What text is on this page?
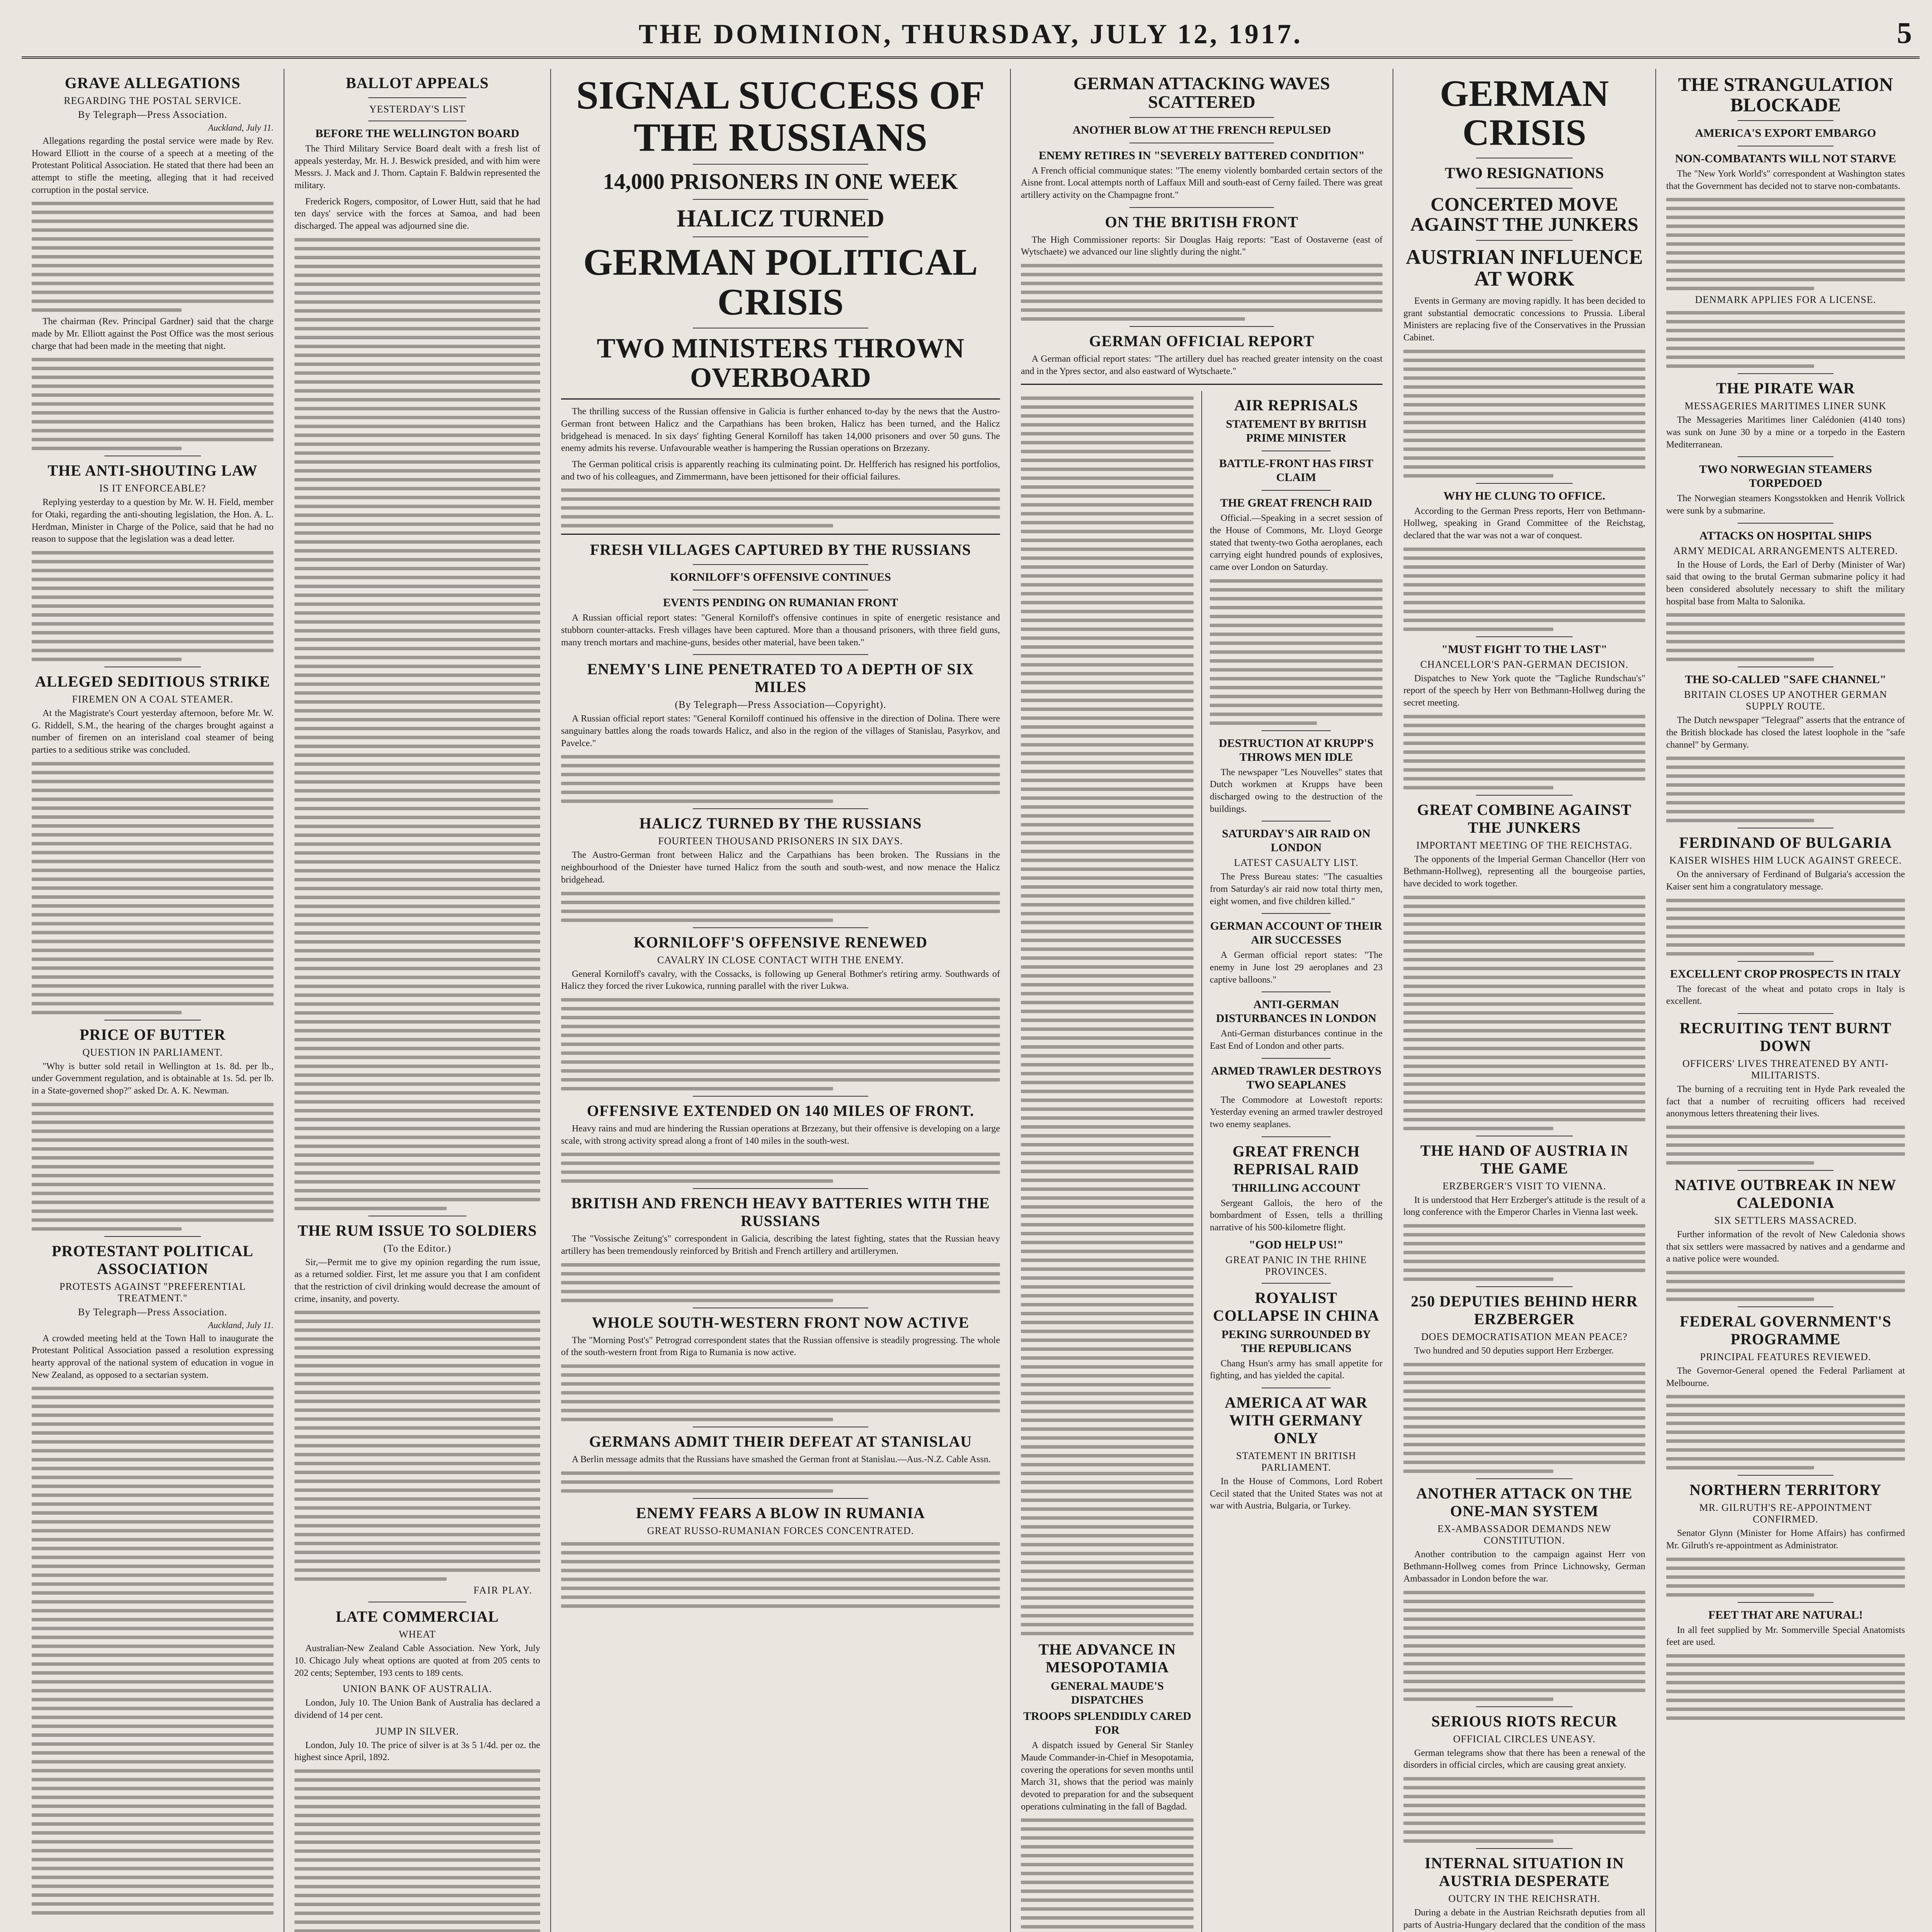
THE DOMINION, THURSDAY, JULY 12, 1917.	5
GRAVE ALLEGATIONS
REGARDING THE POSTAL SERVICE.
By Telegraph—Press Association.
Auckland, July 11.

Allegations regarding the postal service were made by Rev. Howard Elliott in the course of a speech at a meeting of the Protestant Political Association. He stated that there had been an attempt to stifle the meeting, alleging that it had received corruption in the postal service.

The chairman (Rev. Principal Gardner) said that the charge made by Mr. Elliott against the Post Office was the most serious charge that had been made in the meeting that night.

THE ANTI-SHOUTING LAW
IS IT ENFORCEABLE?

Replying yesterday to a question by Mr. W. H. Field, member for Otaki, regarding the anti-shouting legislation, the Hon. A. L. Herdman, Minister in Charge of the Police, said that he had no reason to suppose that the legislation was a dead letter.

ALLEGED SEDITIOUS STRIKE
FIREMEN ON A COAL STEAMER.

At the Magistrate's Court yesterday afternoon, before Mr. W. G. Riddell, S.M., the hearing of the charges brought against a number of firemen on an interisland coal steamer of being parties to a seditious strike was concluded.

PRICE OF BUTTER
QUESTION IN PARLIAMENT.

"Why is butter sold retail in Wellington at 1s. 8d. per lb., under Government regulation, and is obtainable at 1s. 5d. per lb. in a State-governed shop?" asked Dr. A. K. Newman.

PROTESTANT POLITICAL ASSOCIATION
PROTESTS AGAINST "PREFERENTIAL TREATMENT."
By Telegraph—Press Association.
Auckland, July 11.

A crowded meeting held at the Town Hall to inaugurate the Protestant Political Association passed a resolution expressing hearty approval of the national system of education in vogue in New Zealand, as opposed to a sectarian system.

BALLOT APPEALS
YESTERDAY'S LIST
BEFORE THE WELLINGTON BOARD

The Third Military Service Board dealt with a fresh list of appeals yesterday, Mr. H. J. Beswick presided, and with him were Messrs. J. Mack and J. Thorn. Captain F. Baldwin represented the military.

Frederick Rogers, compositor, of Lower Hutt, said that he had ten days' service with the forces at Samoa, and had been discharged. The appeal was adjourned sine die.

THE RUM ISSUE TO SOLDIERS
(To the Editor.)

Sir,—Permit me to give my opinion regarding the rum issue, as a returned soldier. First, let me assure you that I am confident that the restriction of civil drinking would decrease the amount of crime, insanity, and poverty.

FAIR PLAY.
LATE COMMERCIAL
WHEAT

Australian-New Zealand Cable Association. New York, July 10. Chicago July wheat options are quoted at from 205 cents to 202 cents; September, 193 cents to 189 cents.

UNION BANK OF AUSTRALIA.

London, July 10. The Union Bank of Australia has declared a dividend of 14 per cent.

JUMP IN SILVER.

London, July 10. The price of silver is at 3s 5 1/4d. per oz. the highest since April, 1892.

SIGNAL SUCCESS OF THE RUSSIANS
14,000 PRISONERS IN ONE WEEK
HALICZ TURNED
GERMAN POLITICAL CRISIS
TWO MINISTERS THROWN OVERBOARD

The thrilling success of the Russian offensive in Galicia is further enhanced to-day by the news that the Austro-German front between Halicz and the Carpathians has been broken, Halicz has been turned, and the Halicz bridgehead is menaced. In six days' fighting General Korniloff has taken 14,000 prisoners and over 50 guns. The enemy admits his reverse. Unfavourable weather is hampering the Russian operations on Brzezany.

The German political crisis is apparently reaching its culminating point. Dr. Helfferich has resigned his portfolios, and two of his colleagues, and Zimmermann, have been jettisoned for their official failures.

FRESH VILLAGES CAPTURED BY THE RUSSIANS
KORNILOFF'S OFFENSIVE CONTINUES
EVENTS PENDING ON RUMANIAN FRONT

A Russian official report states: "General Korniloff's offensive continues in spite of energetic resistance and stubborn counter-attacks. Fresh villages have been captured. More than a thousand prisoners, with three field guns, many trench mortars and machine-guns, besides other material, have been taken."

ENEMY'S LINE PENETRATED TO A DEPTH OF SIX MILES
(By Telegraph—Press Association—Copyright).

A Russian official report states: "General Korniloff continued his offensive in the direction of Dolina. There were sanguinary battles along the roads towards Halicz, and also in the region of the villages of Stanislau, Pasyrkov, and Pavelce."

HALICZ TURNED BY THE RUSSIANS
FOURTEEN THOUSAND PRISONERS IN SIX DAYS.

The Austro-German front between Halicz and the Carpathians has been broken. The Russians in the neighbourhood of the Dniester have turned Halicz from the south and south-west, and now menace the Halicz bridgehead.

KORNILOFF'S OFFENSIVE RENEWED
CAVALRY IN CLOSE CONTACT WITH THE ENEMY.

General Korniloff's cavalry, with the Cossacks, is following up General Bothmer's retiring army. Southwards of Halicz they forced the river Lukowica, running parallel with the river Lukwa.

OFFENSIVE EXTENDED ON 140 MILES OF FRONT.

Heavy rains and mud are hindering the Russian operations at Brzezany, but their offensive is developing on a large scale, with strong activity spread along a front of 140 miles in the south-west.

BRITISH AND FRENCH HEAVY BATTERIES WITH THE RUSSIANS

The "Vossische Zeitung's" correspondent in Galicia, describing the latest fighting, states that the Russian heavy artillery has been tremendously reinforced by British and French artillery and artillerymen.

WHOLE SOUTH-WESTERN FRONT NOW ACTIVE

The "Morning Post's" Petrograd correspondent states that the Russian offensive is steadily progressing. The whole of the south-western front from Riga to Rumania is now active.

GERMANS ADMIT THEIR DEFEAT AT STANISLAU

A Berlin message admits that the Russians have smashed the German front at Stanislau.—Aus.-N.Z. Cable Assn.

ENEMY FEARS A BLOW IN RUMANIA
GREAT RUSSO-RUMANIAN FORCES CONCENTRATED.
GERMAN ATTACKING WAVES SCATTERED
ANOTHER BLOW AT THE FRENCH REPULSED
ENEMY RETIRES IN "SEVERELY BATTERED CONDITION"

A French official communique states: "The enemy violently bombarded certain sectors of the Aisne front. Local attempts north of Laffaux Mill and south-east of Cerny failed. There was great artillery activity on the Champagne front."

ON THE BRITISH FRONT

The High Commissioner reports: Sir Douglas Haig reports: "East of Oostaverne (east of Wytschaete) we advanced our line slightly during the night."

GERMAN OFFICIAL REPORT

A German official report states: "The artillery duel has reached greater intensity on the coast and in the Ypres sector, and also eastward of Wytschaete."

THE ADVANCE IN MESOPOTAMIA
GENERAL MAUDE'S DISPATCHES
TROOPS SPLENDIDLY CARED FOR

A dispatch issued by General Sir Stanley Maude Commander-in-Chief in Mesopotamia, covering the operations for seven months until March 31, shows that the period was mainly devoted to preparation for and the subsequent operations culminating in the fall of Bagdad.

AIR REPRISALS
STATEMENT BY BRITISH PRIME MINISTER
BATTLE-FRONT HAS FIRST CLAIM
THE GREAT FRENCH RAID

Official.—Speaking in a secret session of the House of Commons, Mr. Lloyd George stated that twenty-two Gotha aeroplanes, each carrying eight hundred pounds of explosives, came over London on Saturday.

DESTRUCTION AT KRUPP'S THROWS MEN IDLE

The newspaper "Les Nouvelles" states that Dutch workmen at Krupps have been discharged owing to the destruction of the buildings.

SATURDAY'S AIR RAID ON LONDON
LATEST CASUALTY LIST.

The Press Bureau states: "The casualties from Saturday's air raid now total thirty men, eight women, and five children killed."

GERMAN ACCOUNT OF THEIR AIR SUCCESSES

A German official report states: "The enemy in June lost 29 aeroplanes and 23 captive balloons."

ANTI-GERMAN DISTURBANCES IN LONDON

Anti-German disturbances continue in the East End of London and other parts.

ARMED TRAWLER DESTROYS TWO SEAPLANES

The Commodore at Lowestoft reports: Yesterday evening an armed trawler destroyed two enemy seaplanes.

GREAT FRENCH REPRISAL RAID
THRILLING ACCOUNT

Sergeant Gallois, the hero of the bombardment of Essen, tells a thrilling narrative of his 500-kilometre flight.

"GOD HELP US!"
GREAT PANIC IN THE RHINE PROVINCES.
ROYALIST COLLAPSE IN CHINA
PEKING SURROUNDED BY THE REPUBLICANS

Chang Hsun's army has small appetite for fighting, and has yielded the capital.

AMERICA AT WAR WITH GERMANY ONLY
STATEMENT IN BRITISH PARLIAMENT.

In the House of Commons, Lord Robert Cecil stated that the United States was not at war with Austria, Bulgaria, or Turkey.

GERMAN CRISIS
TWO RESIGNATIONS
CONCERTED MOVE AGAINST THE JUNKERS
AUSTRIAN INFLUENCE AT WORK

Events in Germany are moving rapidly. It has been decided to grant substantial democratic concessions to Prussia. Liberal Ministers are replacing five of the Conservatives in the Prussian Cabinet.

WHY HE CLUNG TO OFFICE.

According to the German Press reports, Herr von Bethmann-Hollweg, speaking in Grand Committee of the Reichstag, declared that the war was not a war of conquest.

"MUST FIGHT TO THE LAST"
CHANCELLOR'S PAN-GERMAN DECISION.

Dispatches to New York quote the "Tagliche Rundschau's" report of the speech by Herr von Bethmann-Hollweg during the secret meeting.

GREAT COMBINE AGAINST THE JUNKERS
IMPORTANT MEETING OF THE REICHSTAG.

The opponents of the Imperial German Chancellor (Herr von Bethmann-Hollweg), representing all the bourgeoise parties, have decided to work together.

THE HAND OF AUSTRIA IN THE GAME
ERZBERGER'S VISIT TO VIENNA.

It is understood that Herr Erzberger's attitude is the result of a long conference with the Emperor Charles in Vienna last week.

250 DEPUTIES BEHIND HERR ERZBERGER
DOES DEMOCRATISATION MEAN PEACE?

Two hundred and 50 deputies support Herr Erzberger.

ANOTHER ATTACK ON THE ONE-MAN SYSTEM
EX-AMBASSADOR DEMANDS NEW CONSTITUTION.

Another contribution to the campaign against Herr von Bethmann-Hollweg comes from Prince Lichnowsky, German Ambassador in London before the war.

SERIOUS RIOTS RECUR
OFFICIAL CIRCLES UNEASY.

German telegrams show that there has been a renewal of the disorders in official circles, which are causing great anxiety.

INTERNAL SITUATION IN AUSTRIA DESPERATE
OUTCRY IN THE REICHSRATH.

During a debate in the Austrian Reichsrath deputies from all parts of Austria-Hungary declared that the condition of the mass

THE STRANGULATION BLOCKADE
AMERICA'S EXPORT EMBARGO
NON-COMBATANTS WILL NOT STARVE

The "New York World's" correspondent at Washington states that the Government has decided not to starve non-combatants.

DENMARK APPLIES FOR A LICENSE.
THE PIRATE WAR
MESSAGERIES MARITIMES LINER SUNK

The Messageries Maritimes liner Calédonien (4140 tons) was sunk on June 30 by a mine or a torpedo in the Eastern Mediterranean.

TWO NORWEGIAN STEAMERS TORPEDOED

The Norwegian steamers Kongsstokken and Henrik Vollrick were sunk by a submarine.

ATTACKS ON HOSPITAL SHIPS
ARMY MEDICAL ARRANGEMENTS ALTERED.

In the House of Lords, the Earl of Derby (Minister of War) said that owing to the brutal German submarine policy it had been considered absolutely necessary to shift the military hospital base from Malta to Salonika.

THE SO-CALLED "SAFE CHANNEL"
BRITAIN CLOSES UP ANOTHER GERMAN SUPPLY ROUTE.

The Dutch newspaper "Telegraaf" asserts that the entrance of the British blockade has closed the latest loophole in the "safe channel" by Germany.

FERDINAND OF BULGARIA
KAISER WISHES HIM LUCK AGAINST GREECE.

On the anniversary of Ferdinand of Bulgaria's accession the Kaiser sent him a congratulatory message.

EXCELLENT CROP PROSPECTS IN ITALY

The forecast of the wheat and potato crops in Italy is excellent.

RECRUITING TENT BURNT DOWN
OFFICERS' LIVES THREATENED BY ANTI-MILITARISTS.

The burning of a recruiting tent in Hyde Park revealed the fact that a number of recruiting officers had received anonymous letters threatening their lives.

NATIVE OUTBREAK IN NEW CALEDONIA
SIX SETTLERS MASSACRED.

Further information of the revolt of New Caledonia shows that six settlers were massacred by natives and a gendarme and a native police were wounded.

FEDERAL GOVERNMENT'S PROGRAMME
PRINCIPAL FEATURES REVIEWED.

The Governor-General opened the Federal Parliament at Melbourne.

NORTHERN TERRITORY
MR. GILRUTH'S RE-APPOINTMENT CONFIRMED.

Senator Glynn (Minister for Home Affairs) has confirmed Mr. Gilruth's re-appointment as Administrator.

FEET THAT ARE NATURAL!

In all feet supplied by Mr. Sommerville Special Anatomists feet are used.
